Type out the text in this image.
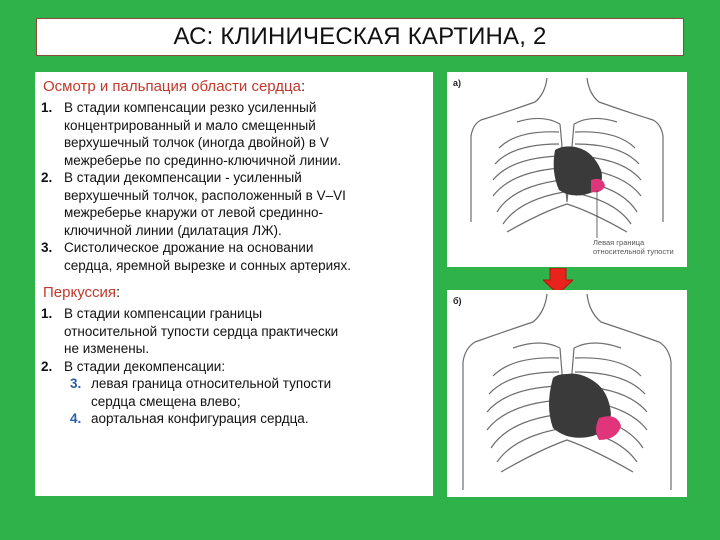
АС: КЛИНИЧЕСКАЯ КАРТИНА, 2
Осмотр и пальпация области сердца:
1. В стадии компенсации резко усиленный
концентрированный и мало смещенный
верхушечный толчок (иногда двойной) в V
межреберье по срединно-ключичной линии.
2. В стадии декомпенсации - усиленный
верхушечный толчок, расположенный в V–VI
межреберье кнаружи от левой срединно-
ключичной линии (дилатация ЛЖ).
3. Систолическое дрожание на основании
сердца, яремной вырезке и сонных артериях.
Перкуссия:
1. В стадии компенсации границы
относительной тупости сердца практически
не изменены.
2. В стадии декомпенсации:
3. левая граница относительной тупости
сердца смещена влево;
4. аортальная конфигурация сердца.
а)
Левая граница
относительной тупости
б)
